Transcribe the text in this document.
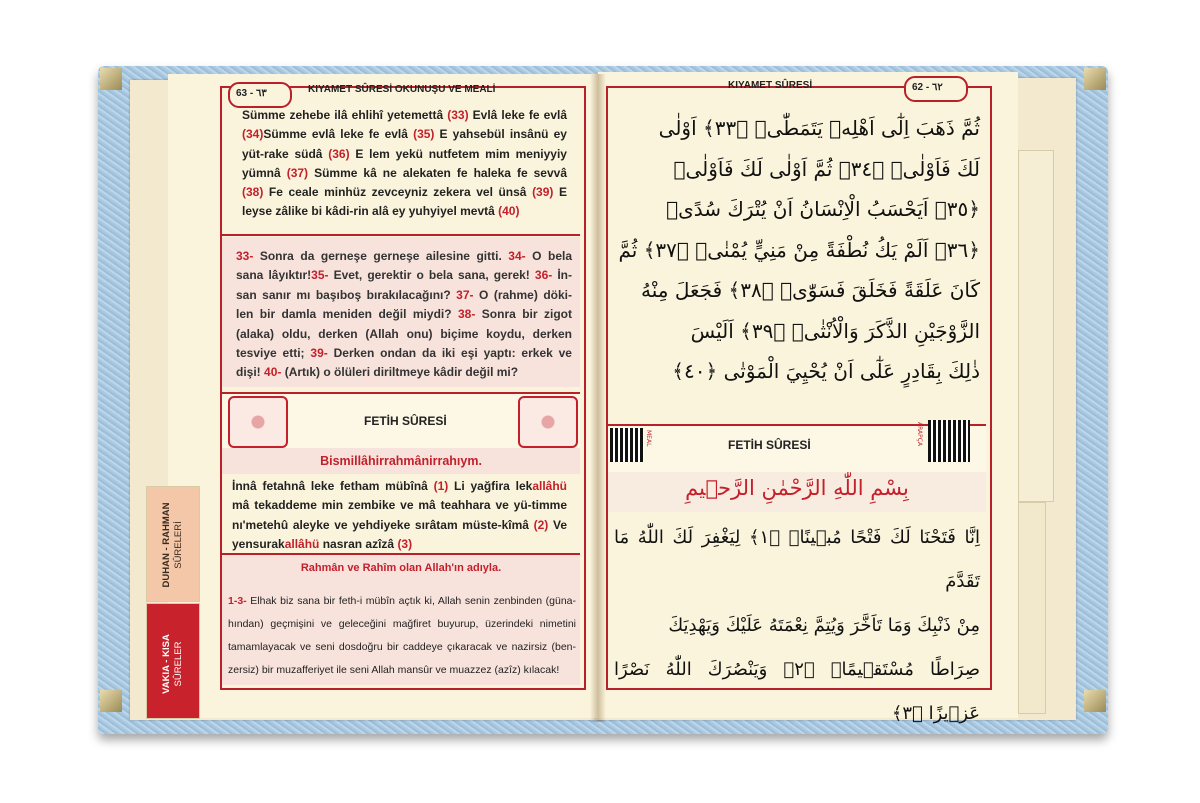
63 - ٦٣	KIYAMET SÛRESİ OKUNUŞU VE MEALİ
Sümme zehebe ilâ ehlihî yetemettâ (33) Evlâ leke fe evlâ (34)Sümme evlâ leke fe evlâ (35) E yahsebül insânü ey yüt-rake südâ (36) E lem yekü nutfetem mim meniyyiy yümnâ (37) Sümme kâ ne alekaten fe haleka fe sevvâ (38) Fe ceale minhüz zevceyniz zekera vel ünsâ (39) E leyse zâlike bi kâdi-rin alâ ey yuhyiyel mevtâ (40)
33- Sonra da gerneşe gerneşe ailesine gitti. 34- O bela sana lâyıktır!35- Evet, gerektir o bela sana, gerek! 36- İn-san sanır mı başıboş bırakılacağını? 37- O (rahme) döki-len bir damla meniden değil miydi? 38- Sonra bir zigot (alaka) oldu, derken (Allah onu) biçime koydu, derken tesviye etti; 39- Derken ondan da iki eşi yaptı: erkek ve dişi! 40- (Artık) o ölüleri diriltmeye kâdir değil mi?
FETİH SÛRESİ
Bismillâhirrahmânirrahıym.
İnnâ fetahnâ leke fetham mübînâ (1) Li yağfira lekallâhü mâ tekaddeme min zembike ve mâ teahhara ve yü-timme nı'metehû aleyke ve yehdiyeke sırâtam müste-kîmâ (2) Ve yensurakallâhü nasran azîzâ (3)
Rahmân ve Rahîm olan Allah'ın adıyla.
1-3- Elhak biz sana bir feth-i mübîn açtık ki, Allah senin zenbinden (güna-hından) geçmişini ve geleceğini mağfiret buyurup, üzerindeki nimetini tamamlayacak ve seni dosdoğru bir caddeye çıkaracak ve nazirsiz (ben-zersiz) bir muzafferiyet ile seni Allah mansûr ve muazzez (azîz) kılacak!
DUHAN - RAHMAN SÛRELERİ
VAKIA - KISA SÛRELER
KIYAMET SÛRESİ	62 - ٦٢
ثُمَّ ذَهَبَ اِلٰٓى اَهْلِه۪ يَتَمَطّٰىۜ ﴿٣٣﴾ اَوْلٰى
لَكَ فَاَوْلٰىۙ ﴿٣٤﴾ ثُمَّ اَوْلٰى لَكَ فَاَوْلٰىۜ
﴿٣٥﴾ اَيَحْسَبُ الْاِنْسَانُ اَنْ يُتْرَكَ سُدًىۜ
﴿٣٦﴾ اَلَمْ يَكُ نُطْفَةً مِنْ مَنِيٍّ يُمْنٰىۙ ﴿٣٧﴾ ثُمَّ
كَانَ عَلَقَةً فَخَلَقَ فَسَوّٰىۙ ﴿٣٨﴾ فَجَعَلَ مِنْهُ
الزَّوْجَيْنِ الذَّكَرَ وَالْاُنْثٰىۜ ﴿٣٩﴾ اَلَيْسَ
ذٰلِكَ بِقَادِرٍ عَلٰٓى اَنْ يُحْيِيَ الْمَوْتٰى ﴿٤٠﴾
MEAL	ARAPÇA
FETİH SÛRESİ
بِسْمِ اللّٰهِ الرَّحْمٰنِ الرَّح۪يمِ
اِنَّا فَتَحْنَا لَكَ فَتْحًا مُب۪ينًاۙ ﴿١﴾ لِيَغْفِرَ لَكَ اللّٰهُ مَا تَقَدَّمَ
مِنْ ذَنْبِكَ وَمَا تَاَخَّرَ وَيُتِمَّ نِعْمَتَهُ عَلَيْكَ وَيَهْدِيَكَ
صِرَاطًا مُسْتَق۪يمًاۙ ﴿٢﴾ وَيَنْصُرَكَ اللّٰهُ نَصْرًا عَز۪يزًا ﴿٣﴾
